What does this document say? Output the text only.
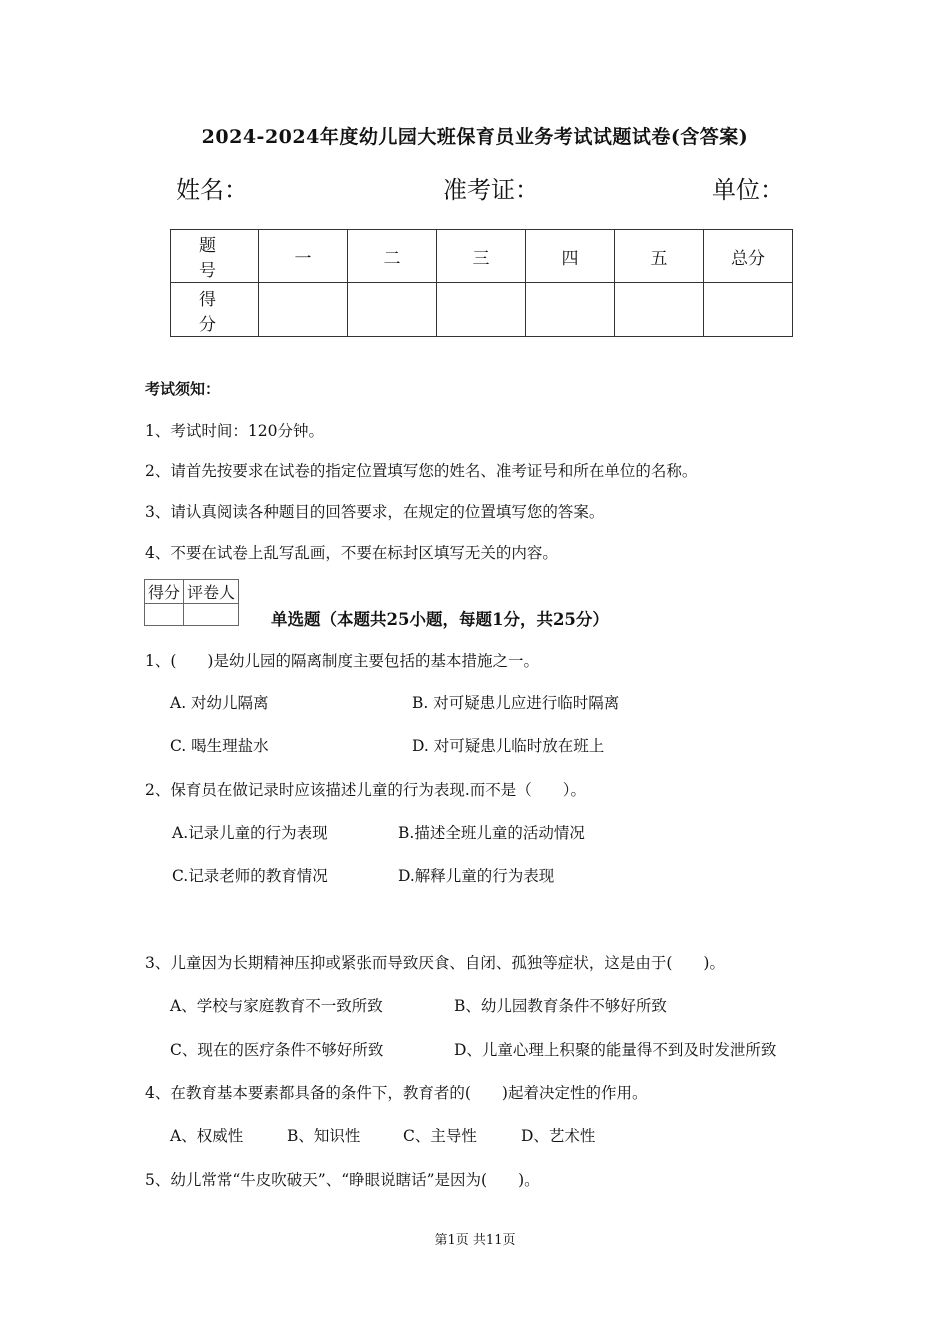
2024-2024年度幼儿园大班保育员业务考试试题试卷(含答案)
姓名：	准考证：	单位：
题　号	一	二	三	四	五	总分
得　分						
考试须知：
1、考试时间：120分钟。
2、请首先按要求在试卷的指定位置填写您的姓名、准考证号和所在单位的名称。
3、请认真阅读各种题目的回答要求，在规定的位置填写您的答案。
4、不要在试卷上乱写乱画，不要在标封区填写无关的内容。
得分	评卷人

单选题（本题共25小题，每题1分，共25分）
1、(　　)是幼儿园的隔离制度主要包括的基本措施之一。
A. 对幼儿隔离	B. 对可疑患儿应进行临时隔离
C. 喝生理盐水	D. 对可疑患儿临时放在班上
2、保育员在做记录时应该描述儿童的行为表现.而不是（　　）。
A.记录儿童的行为表现	B.描述全班儿童的活动情况
C.记录老师的教育情况	D.解释儿童的行为表现
3、儿童因为长期精神压抑或紧张而导致厌食、自闭、孤独等症状，这是由于(　　)。
A、学校与家庭教育不一致所致	B、幼儿园教育条件不够好所致
C、现在的医疗条件不够好所致	D、儿童心理上积聚的能量得不到及时发泄所致
4、在教育基本要素都具备的条件下，教育者的(　　)起着决定性的作用。
A、权威性	B、知识性	C、主导性	D、艺术性
5、幼儿常常“牛皮吹破天”、“睁眼说瞎话”是因为(　　)。
第1页 共11页
